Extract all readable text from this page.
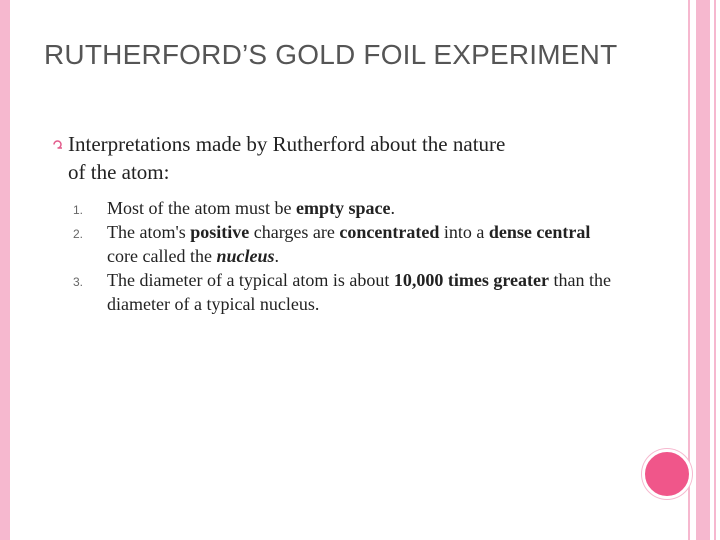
RUTHERFORD’S GOLD FOIL EXPERIMENT
Interpretations made by Rutherford about the nature
of the atom:
1. Most of the atom must be empty space.
2. The atom's positive charges are concentrated into a dense central core called the nucleus.
3. The diameter of a typical atom is about 10,000 times greater than the diameter of a typical nucleus.
